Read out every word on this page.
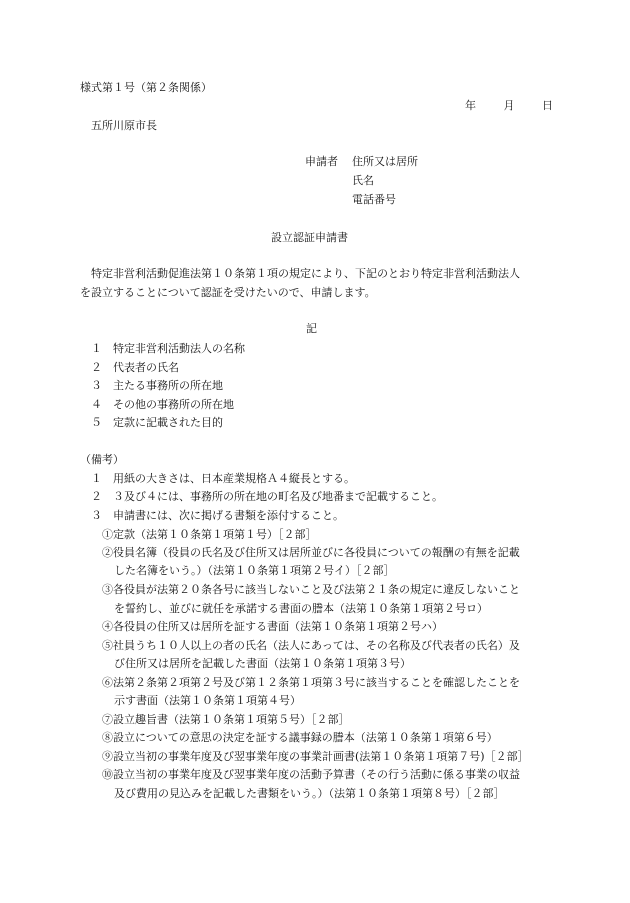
様式第１号（第２条関係）
年	月	日
五所川原市長
申請者 住所又は居所
氏名
電話番号
設立認証申請書
特定非営利活動促進法第１０条第１項の規定により、下記のとおり特定非営利活動法人
を設立することについて認証を受けたいので、申請します。
記
１　特定非営利活動法人の名称
２　代表者の氏名
３　主たる事務所の所在地
４　その他の事務所の所在地
５　定款に記載された目的
（備考）
１　用紙の大きさは、日本産業規格Ａ４縦長とする。
２　３及び４には、事務所の所在地の町名及び地番まで記載すること。
３　申請書には、次に掲げる書類を添付すること。
①定款（法第１０条第１項第１号）［２部］
②役員名簿（役員の氏名及び住所又は居所並びに各役員についての報酬の有無を記載
した名簿をいう。）（法第１０条第１項第２号イ）［２部］
③各役員が法第２０条各号に該当しないこと及び法第２１条の規定に違反しないこと
を誓約し、並びに就任を承諾する書面の謄本（法第１０条第１項第２号ロ）
④各役員の住所又は居所を証する書面（法第１０条第１項第２号ハ）
⑤社員うち１０人以上の者の氏名（法人にあっては、その名称及び代表者の氏名）及
び住所又は居所を記載した書面（法第１０条第１項第３号）
⑥法第２条第２項第２号及び第１２条第１項第３号に該当することを確認したことを
示す書面（法第１０条第１項第４号）
⑦設立趣旨書（法第１０条第１項第５号）［２部］
⑧設立についての意思の決定を証する議事録の謄本（法第１０条第１項第６号）
⑨設立当初の事業年度及び翌事業年度の事業計画書(法第１０条第１項第７号)［２部］
⑩設立当初の事業年度及び翌事業年度の活動予算書（その行う活動に係る事業の収益
及び費用の見込みを記載した書類をいう。）（法第１０条第１項第８号）［２部］
